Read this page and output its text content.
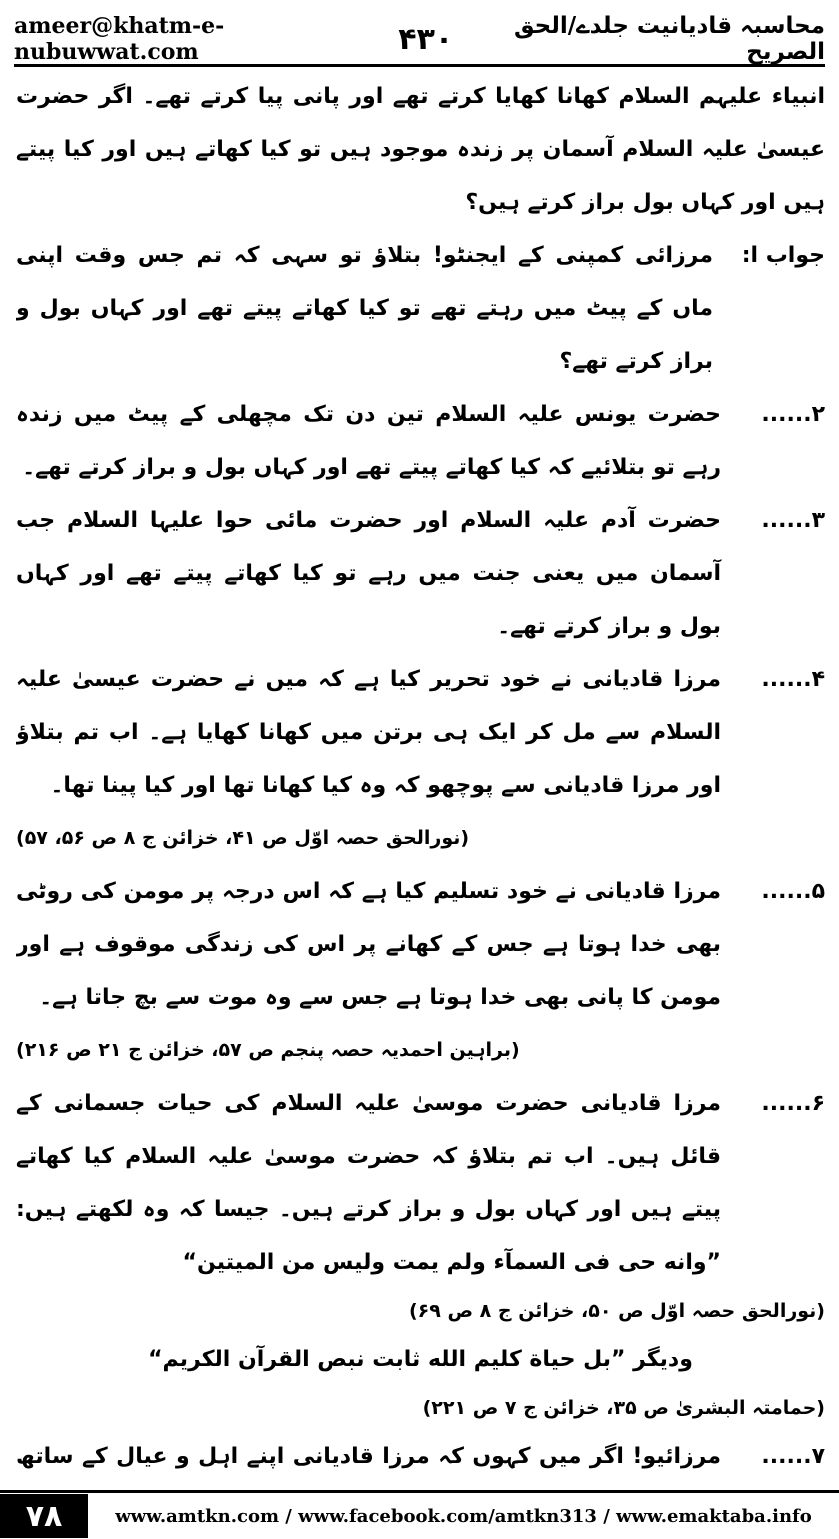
ameer@khatm-e-nubuwwat.com	۴۳۰	محاسبہ قادیانیت جلدے/الحق الصریح

انبیاء علیہم السلام کھانا کھایا کرتے تھے اور پانی پیا کرتے تھے۔ اگر حضرت عیسیٰ علیہ السلام آسمان پر زندہ موجود ہیں تو کیا کھاتے ہیں اور کیا پیتے ہیں اور کہاں بول براز کرتے ہیں؟

جواب ا:
مرزائی کمپنی کے ایجنٹو! بتلاؤ تو سہی کہ تم جس وقت اپنی ماں کے پیٹ میں رہتے تھے تو کیا کھاتے پیتے تھے اور کہاں بول و براز کرتے تھے؟
۲......
حضرت یونس علیہ السلام تین دن تک مچھلی کے پیٹ میں زندہ رہے تو بتلائیے کہ کیا کھاتے پیتے تھے اور کہاں بول و براز کرتے تھے۔
۳......
حضرت آدم علیہ السلام اور حضرت مائی حوا علیہا السلام جب آسمان میں یعنی جنت میں رہے تو کیا کھاتے پیتے تھے اور کہاں بول و براز کرتے تھے۔
۴......
مرزا قادیانی نے خود تحریر کیا ہے کہ میں نے حضرت عیسیٰ علیہ السلام سے مل کر ایک ہی برتن میں کھانا کھایا ہے۔ اب تم بتلاؤ اور مرزا قادیانی سے پوچھو کہ وہ کیا کھانا تھا اور کیا پینا تھا۔
(نورالحق حصہ اوّل ص ۴۱، خزائن ج ۸ ص ۵۶، ۵۷)
۵......
مرزا قادیانی نے خود تسلیم کیا ہے کہ اس درجہ پر مومن کی روٹی بھی خدا ہوتا ہے جس کے کھانے پر اس کی زندگی موقوف ہے اور مومن کا پانی بھی خدا ہوتا ہے جس سے وہ موت سے بچ جاتا ہے۔
(براہین احمدیہ حصہ پنجم ص ۵۷، خزائن ج ۲۱ ص ۲۱۶)
۶......
مرزا قادیانی حضرت موسیٰ علیہ السلام کی حیات جسمانی کے قائل ہیں۔ اب تم بتلاؤ کہ حضرت موسیٰ علیہ السلام کیا کھاتے پیتے ہیں اور کہاں بول و براز کرتے ہیں۔ جیسا کہ وہ لکھتے ہیں: ”وانه حی فی السمآء ولم یمت ولیس من المیتین“
(نورالحق حصہ اوّل ص ۵۰، خزائن ج ۸ ص ۶۹)
ودیگر ”بل حیاة کلیم الله ثابت نبص القرآن الکریم“
(حمامتہ البشریٰ ص ۳۵، خزائن ج ۷ ص ۲۲۱)
۷......
مرزائیو! اگر میں کہوں کہ مرزا قادیانی اپنے اہل و عیال کے ساتھ
۷۸	www.amtkn.com / www.facebook.com/amtkn313 / www.emaktaba.info
